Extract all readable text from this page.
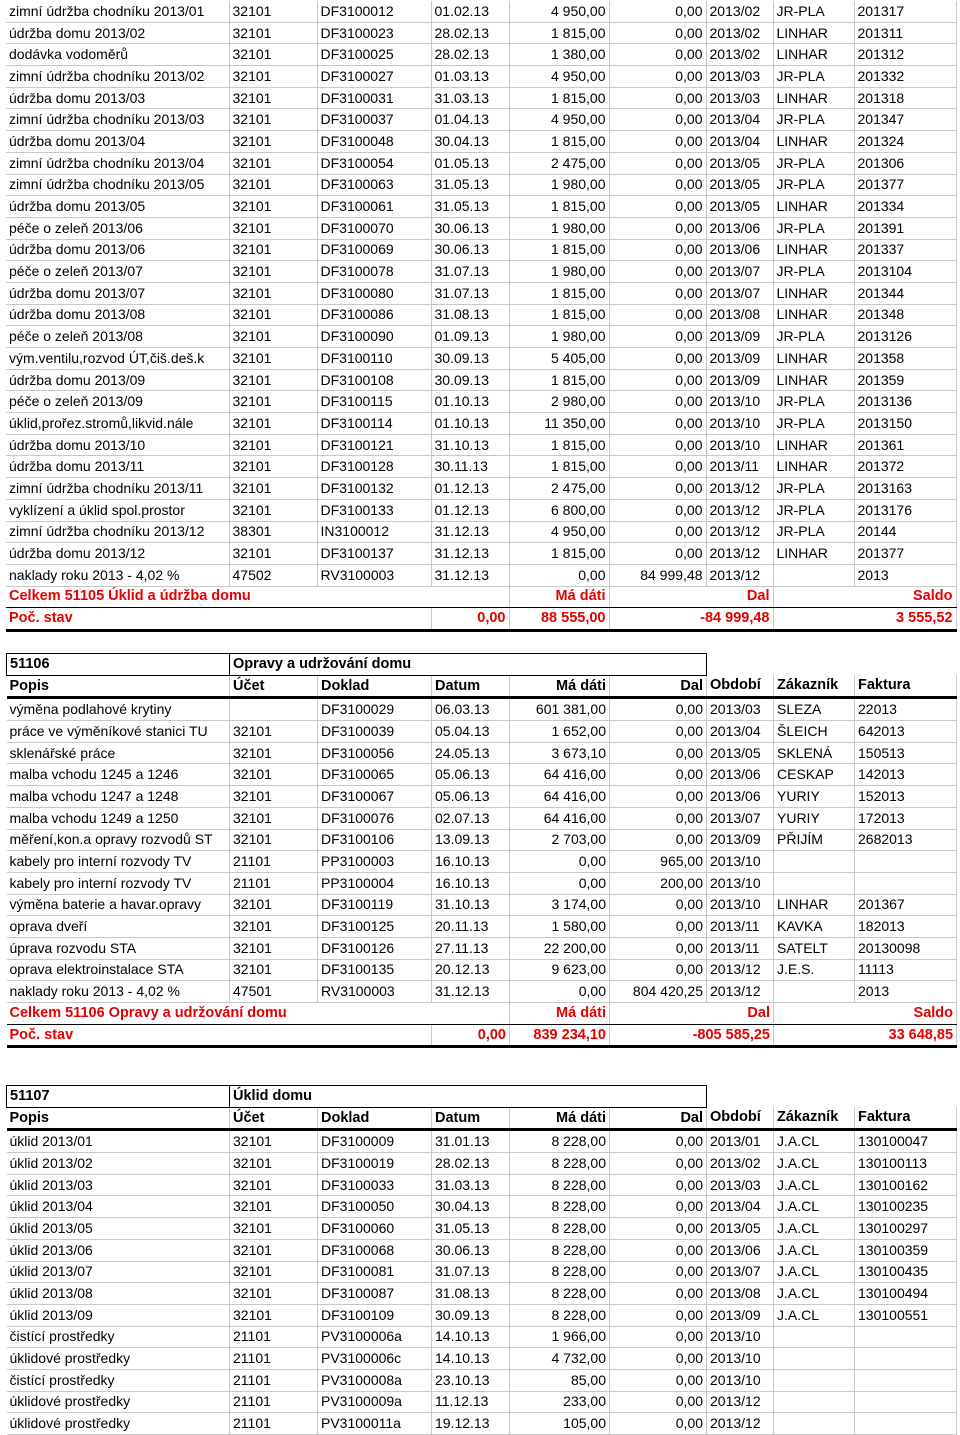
zimní údržba chodníku 2013/01	32101	DF3100012	01.02.13	4 950,00	0,00	2013/02	JR-PLA	201317
údržba domu 2013/02	32101	DF3100023	28.02.13	1 815,00	0,00	2013/02	LINHAR	201311
dodávka vodoměrů	32101	DF3100025	28.02.13	1 380,00	0,00	2013/02	LINHAR	201312
zimní údržba chodníku 2013/02	32101	DF3100027	01.03.13	4 950,00	0,00	2013/03	JR-PLA	201332
údržba domu 2013/03	32101	DF3100031	31.03.13	1 815,00	0,00	2013/03	LINHAR	201318
zimní údržba chodníku 2013/03	32101	DF3100037	01.04.13	4 950,00	0,00	2013/04	JR-PLA	201347
údržba domu 2013/04	32101	DF3100048	30.04.13	1 815,00	0,00	2013/04	LINHAR	201324
zimní údržba chodníku 2013/04	32101	DF3100054	01.05.13	2 475,00	0,00	2013/05	JR-PLA	201306
zimní údržba chodníku 2013/05	32101	DF3100063	31.05.13	1 980,00	0,00	2013/05	JR-PLA	201377
údržba domu 2013/05	32101	DF3100061	31.05.13	1 815,00	0,00	2013/05	LINHAR	201334
péče o zeleň 2013/06	32101	DF3100070	30.06.13	1 980,00	0,00	2013/06	JR-PLA	201391
údržba domu 2013/06	32101	DF3100069	30.06.13	1 815,00	0,00	2013/06	LINHAR	201337
péče o zeleň 2013/07	32101	DF3100078	31.07.13	1 980,00	0,00	2013/07	JR-PLA	2013104
údržba domu 2013/07	32101	DF3100080	31.07.13	1 815,00	0,00	2013/07	LINHAR	201344
údržba domu 2013/08	32101	DF3100086	31.08.13	1 815,00	0,00	2013/08	LINHAR	201348
péče o zeleň 2013/08	32101	DF3100090	01.09.13	1 980,00	0,00	2013/09	JR-PLA	2013126
vým.ventilu,rozvod ÚT,čiš.deš.k	32101	DF3100110	30.09.13	5 405,00	0,00	2013/09	LINHAR	201358
údržba domu 2013/09	32101	DF3100108	30.09.13	1 815,00	0,00	2013/09	LINHAR	201359
péče o zeleň 2013/09	32101	DF3100115	01.10.13	2 980,00	0,00	2013/10	JR-PLA	2013136
úklid,prořez.stromů,likvid.nále	32101	DF3100114	01.10.13	11 350,00	0,00	2013/10	JR-PLA	2013150
údržba domu 2013/10	32101	DF3100121	31.10.13	1 815,00	0,00	2013/10	LINHAR	201361
údržba domu 2013/11	32101	DF3100128	30.11.13	1 815,00	0,00	2013/11	LINHAR	201372
zimní údržba chodníku 2013/11	32101	DF3100132	01.12.13	2 475,00	0,00	2013/12	JR-PLA	2013163
vyklízení a úklid spol.prostor	32101	DF3100133	01.12.13	6 800,00	0,00	2013/12	JR-PLA	2013176
zimní údržba chodníku 2013/12	38301	IN3100012	31.12.13	4 950,00	0,00	2013/12	JR-PLA	20144
údržba domu 2013/12	32101	DF3100137	31.12.13	1 815,00	0,00	2013/12	LINHAR	201377
naklady roku 2013 - 4,02 %	47502	RV3100003	31.12.13	0,00	84 999,48	2013/12		2013
Celkem 51105 Úklid a údržba domu				Má dáti	Dal		Saldo	
Poč. stav			0,00	88 555,00	-84 999,48		3 555,52	
51106	Opravy a udržování domu							
Popis	Účet	Doklad	Datum	Má dáti	Dal	Období	Zákazník	Faktura
výměna podlahové krytiny		DF3100029	06.03.13	601 381,00	0,00	2013/03	SLEZA	22013
práce ve výměníkové stanici TU	32101	DF3100039	05.04.13	1 652,00	0,00	2013/04	ŠLEICH	642013
sklenářské práce	32101	DF3100056	24.05.13	3 673,10	0,00	2013/05	SKLENÁ	150513
malba vchodu 1245 a 1246	32101	DF3100065	05.06.13	64 416,00	0,00	2013/06	CESKAP	142013
malba vchodu 1247 a 1248	32101	DF3100067	05.06.13	64 416,00	0,00	2013/06	YURIY	152013
malba vchodu 1249 a 1250	32101	DF3100076	02.07.13	64 416,00	0,00	2013/07	YURIY	172013
měření,kon.a opravy rozvodů ST	32101	DF3100106	13.09.13	2 703,00	0,00	2013/09	PŘIJÍM	2682013
kabely pro interní rozvody TV	21101	PP3100003	16.10.13	0,00	965,00	2013/10		
kabely pro interní rozvody TV	21101	PP3100004	16.10.13	0,00	200,00	2013/10		
výměna baterie a havar.opravy	32101	DF3100119	31.10.13	3 174,00	0,00	2013/10	LINHAR	201367
oprava dveří	32101	DF3100125	20.11.13	1 580,00	0,00	2013/11	KAVKA	182013
úprava rozvodu STA	32101	DF3100126	27.11.13	22 200,00	0,00	2013/11	SATELT	20130098
oprava elektroinstalace STA	32101	DF3100135	20.12.13	9 623,00	0,00	2013/12	J.E.S.	11113
naklady roku 2013 - 4,02 %	47501	RV3100003	31.12.13	0,00	804 420,25	2013/12		2013
Celkem 51106 Opravy a udržování domu				Má dáti	Dal		Saldo	
Poč. stav			0,00	839 234,10	-805 585,25		33 648,85	
51107	Úklid domu							
Popis	Účet	Doklad	Datum	Má dáti	Dal	Období	Zákazník	Faktura
úklid 2013/01	32101	DF3100009	31.01.13	8 228,00	0,00	2013/01	J.A.CL	130100047
úklid 2013/02	32101	DF3100019	28.02.13	8 228,00	0,00	2013/02	J.A.CL	130100113
úklid 2013/03	32101	DF3100033	31.03.13	8 228,00	0,00	2013/03	J.A.CL	130100162
úklid 2013/04	32101	DF3100050	30.04.13	8 228,00	0,00	2013/04	J.A.CL	130100235
úklid 2013/05	32101	DF3100060	31.05.13	8 228,00	0,00	2013/05	J.A.CL	130100297
úklid 2013/06	32101	DF3100068	30.06.13	8 228,00	0,00	2013/06	J.A.CL	130100359
úklid 2013/07	32101	DF3100081	31.07.13	8 228,00	0,00	2013/07	J.A.CL	130100435
úklid 2013/08	32101	DF3100087	31.08.13	8 228,00	0,00	2013/08	J.A.CL	130100494
úklid 2013/09	32101	DF3100109	30.09.13	8 228,00	0,00	2013/09	J.A.CL	130100551
čistící prostředky	21101	PV3100006a	14.10.13	1 966,00	0,00	2013/10		
úklidové prostředky	21101	PV3100006c	14.10.13	4 732,00	0,00	2013/10		
čistící prostředky	21101	PV3100008a	23.10.13	85,00	0,00	2013/10		
úklidové prostředky	21101	PV3100009a	11.12.13	233,00	0,00	2013/12		
úklidové prostředky	21101	PV3100011a	19.12.13	105,00	0,00	2013/12		
